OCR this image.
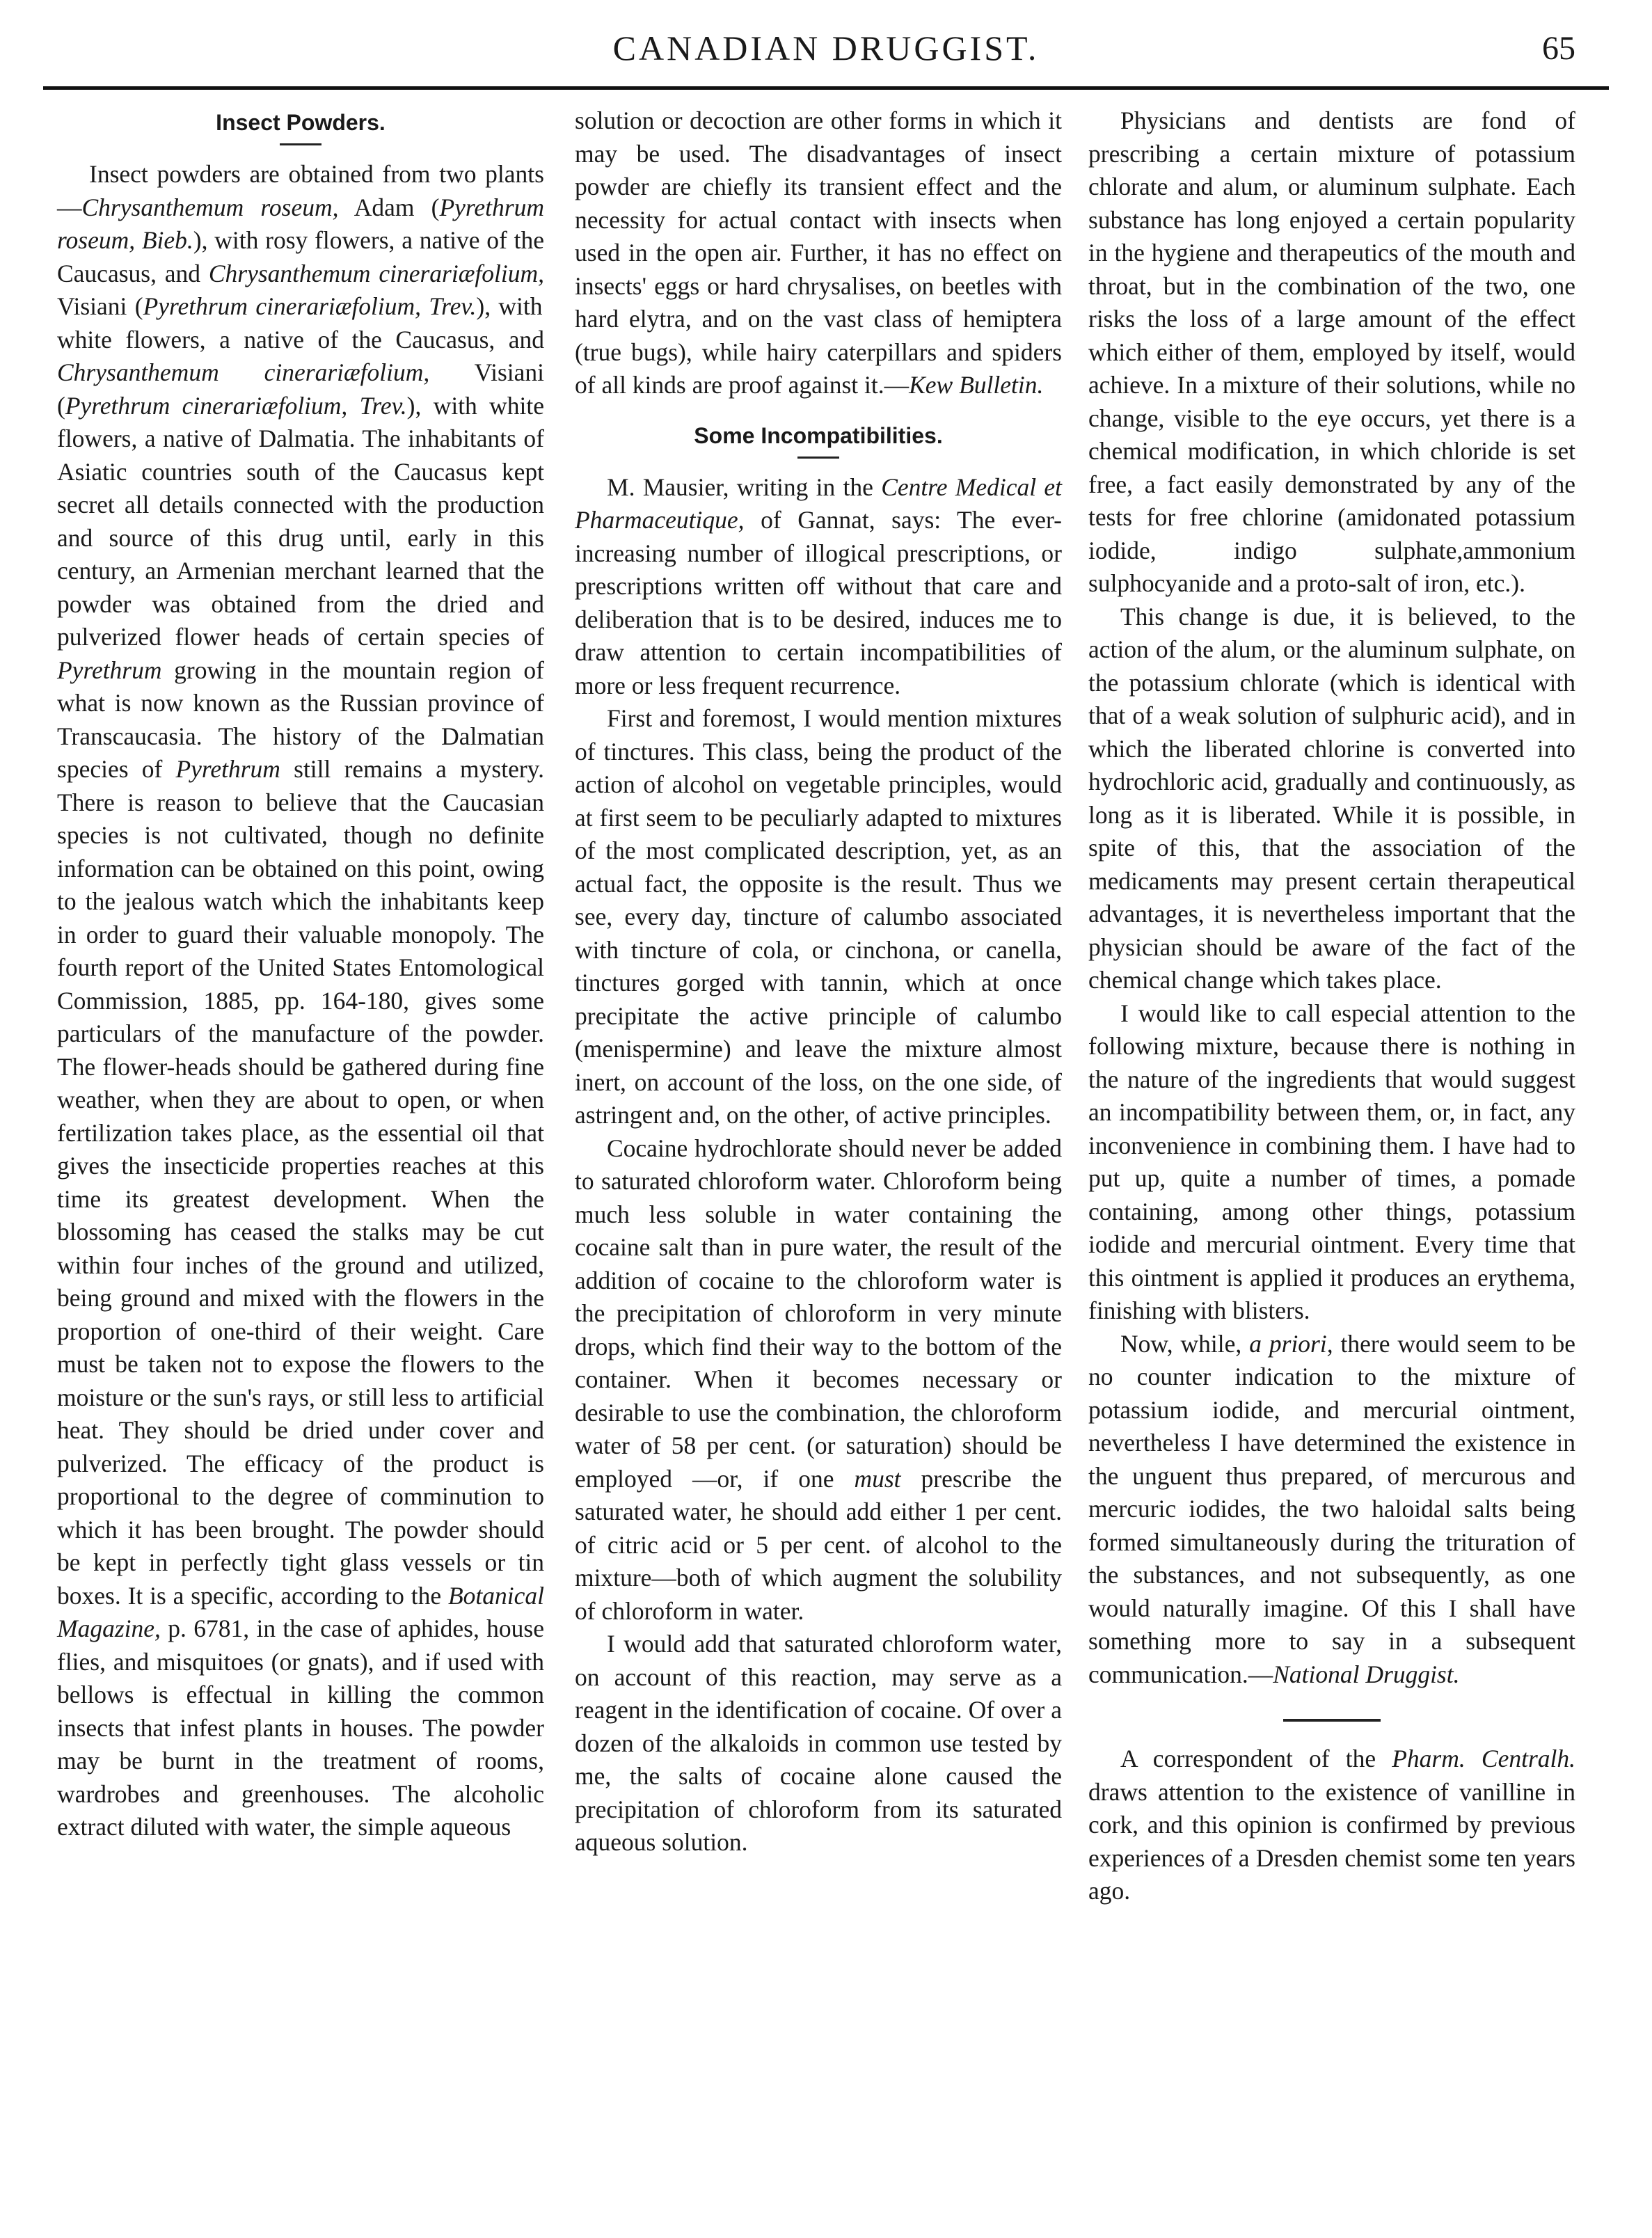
CANADIAN DRUGGIST.	65
Insect Powders.

Insect powders are obtained from two plants—Chrysanthemum roseum, Adam (Pyrethrum roseum, Bieb.), with rosy flowers, a native of the Caucasus, and Chrysanthemum cinerariæfolium, Visiani (Pyrethrum cinerariæfolium, Trev.), with white flowers, a native of the Caucasus, and Chrysanthemum cinerariæfolium, Visiani (Pyrethrum cinerariæfolium, Trev.), with white flowers, a native of Dalmatia. The inhabitants of Asiatic countries south of the Caucasus kept secret all details connected with the production and source of this drug until, early in this century, an Armenian merchant learned that the powder was obtained from the dried and pulverized flower heads of certain species of Pyrethrum growing in the mountain region of what is now known as the Russian province of Transcaucasia. The history of the Dalmatian species of Pyrethrum still remains a mystery. There is reason to believe that the Caucasian species is not cultivated, though no definite information can be obtained on this point, owing to the jealous watch which the inhabitants keep in order to guard their valuable monopoly. The fourth report of the United States Entomological Commission, 1885, pp. 164-180, gives some particulars of the manufacture of the powder. The flower-heads should be gathered during fine weather, when they are about to open, or when fertilization takes place, as the essential oil that gives the insecticide properties reaches at this time its greatest development. When the blossoming has ceased the stalks may be cut within four inches of the ground and utilized, being ground and mixed with the flowers in the proportion of one-third of their weight. Care must be taken not to expose the flowers to the moisture or the sun's rays, or still less to artificial heat. They should be dried under cover and pulverized. The efficacy of the product is proportional to the degree of comminution to which it has been brought. The powder should be kept in perfectly tight glass vessels or tin boxes. It is a specific, according to the Botanical Magazine, p. 6781, in the case of aphides, house flies, and misquitoes (or gnats), and if used with bellows is effectual in killing the common insects that infest plants in houses. The powder may be burnt in the treatment of rooms, wardrobes and greenhouses. The alcoholic extract diluted with water, the simple aqueous

solution or decoction are other forms in which it may be used. The disadvantages of insect powder are chiefly its transient effect and the necessity for actual contact with insects when used in the open air. Further, it has no effect on insects' eggs or hard chrysalises, on beetles with hard elytra, and on the vast class of hemiptera (true bugs), while hairy caterpillars and spiders of all kinds are proof against it.—Kew Bulletin.

Some Incompatibilities.

M. Mausier, writing in the Centre Medical et Pharmaceutique, of Gannat, says: The ever-increasing number of illogical prescriptions, or prescriptions written off without that care and deliberation that is to be desired, induces me to draw attention to certain incompatibilities of more or less frequent recurrence.

First and foremost, I would mention mixtures of tinctures. This class, being the product of the action of alcohol on vegetable principles, would at first seem to be peculiarly adapted to mixtures of the most complicated description, yet, as an actual fact, the opposite is the result. Thus we see, every day, tincture of calumbo associated with tincture of cola, or cinchona, or canella, tinctures gorged with tannin, which at once precipitate the active principle of calumbo (menispermine) and leave the mixture almost inert, on account of the loss, on the one side, of astringent and, on the other, of active principles.

Cocaine hydrochlorate should never be added to saturated chloroform water. Chloroform being much less soluble in water containing the cocaine salt than in pure water, the result of the addition of cocaine to the chloroform water is the precipitation of chloroform in very minute drops, which find their way to the bottom of the container. When it becomes necessary or desirable to use the combination, the chloroform water of 58 per cent. (or saturation) should be employed —or, if one must prescribe the saturated water, he should add either 1 per cent. of citric acid or 5 per cent. of alcohol to the mixture—both of which augment the solubility of chloroform in water.

I would add that saturated chloroform water, on account of this reaction, may serve as a reagent in the identification of cocaine. Of over a dozen of the alkaloids in common use tested by me, the salts of cocaine alone caused the precipitation of chloroform from its saturated aqueous solution.

Physicians and dentists are fond of prescribing a certain mixture of potassium chlorate and alum, or aluminum sulphate. Each substance has long enjoyed a certain popularity in the hygiene and therapeutics of the mouth and throat, but in the combination of the two, one risks the loss of a large amount of the effect which either of them, employed by itself, would achieve. In a mixture of their solutions, while no change, visible to the eye occurs, yet there is a chemical modification, in which chloride is set free, a fact easily demonstrated by any of the tests for free chlorine (amidonated potassium iodide, indigo sulphate,ammonium sulphocyanide and a proto-salt of iron, etc.).

This change is due, it is believed, to the action of the alum, or the aluminum sulphate, on the potassium chlorate (which is identical with that of a weak solution of sulphuric acid), and in which the liberated chlorine is converted into hydrochloric acid, gradually and continuously, as long as it is liberated. While it is possible, in spite of this, that the association of the medicaments may present certain therapeutical advantages, it is nevertheless important that the physician should be aware of the fact of the chemical change which takes place.

I would like to call especial attention to the following mixture, because there is nothing in the nature of the ingredients that would suggest an incompatibility between them, or, in fact, any inconvenience in combining them. I have had to put up, quite a number of times, a pomade containing, among other things, potassium iodide and mercurial ointment. Every time that this ointment is applied it produces an erythema, finishing with blisters.

Now, while, a priori, there would seem to be no counter indication to the mixture of potassium iodide, and mercurial ointment, nevertheless I have determined the existence in the unguent thus prepared, of mercurous and mercuric iodides, the two haloidal salts being formed simultaneously during the trituration of the substances, and not subsequently, as one would naturally imagine. Of this I shall have something more to say in a subsequent communication.—National Druggist.

A correspondent of the Pharm. Centralh. draws attention to the existence of vanilline in cork, and this opinion is confirmed by previous experiences of a Dresden chemist some ten years ago.
